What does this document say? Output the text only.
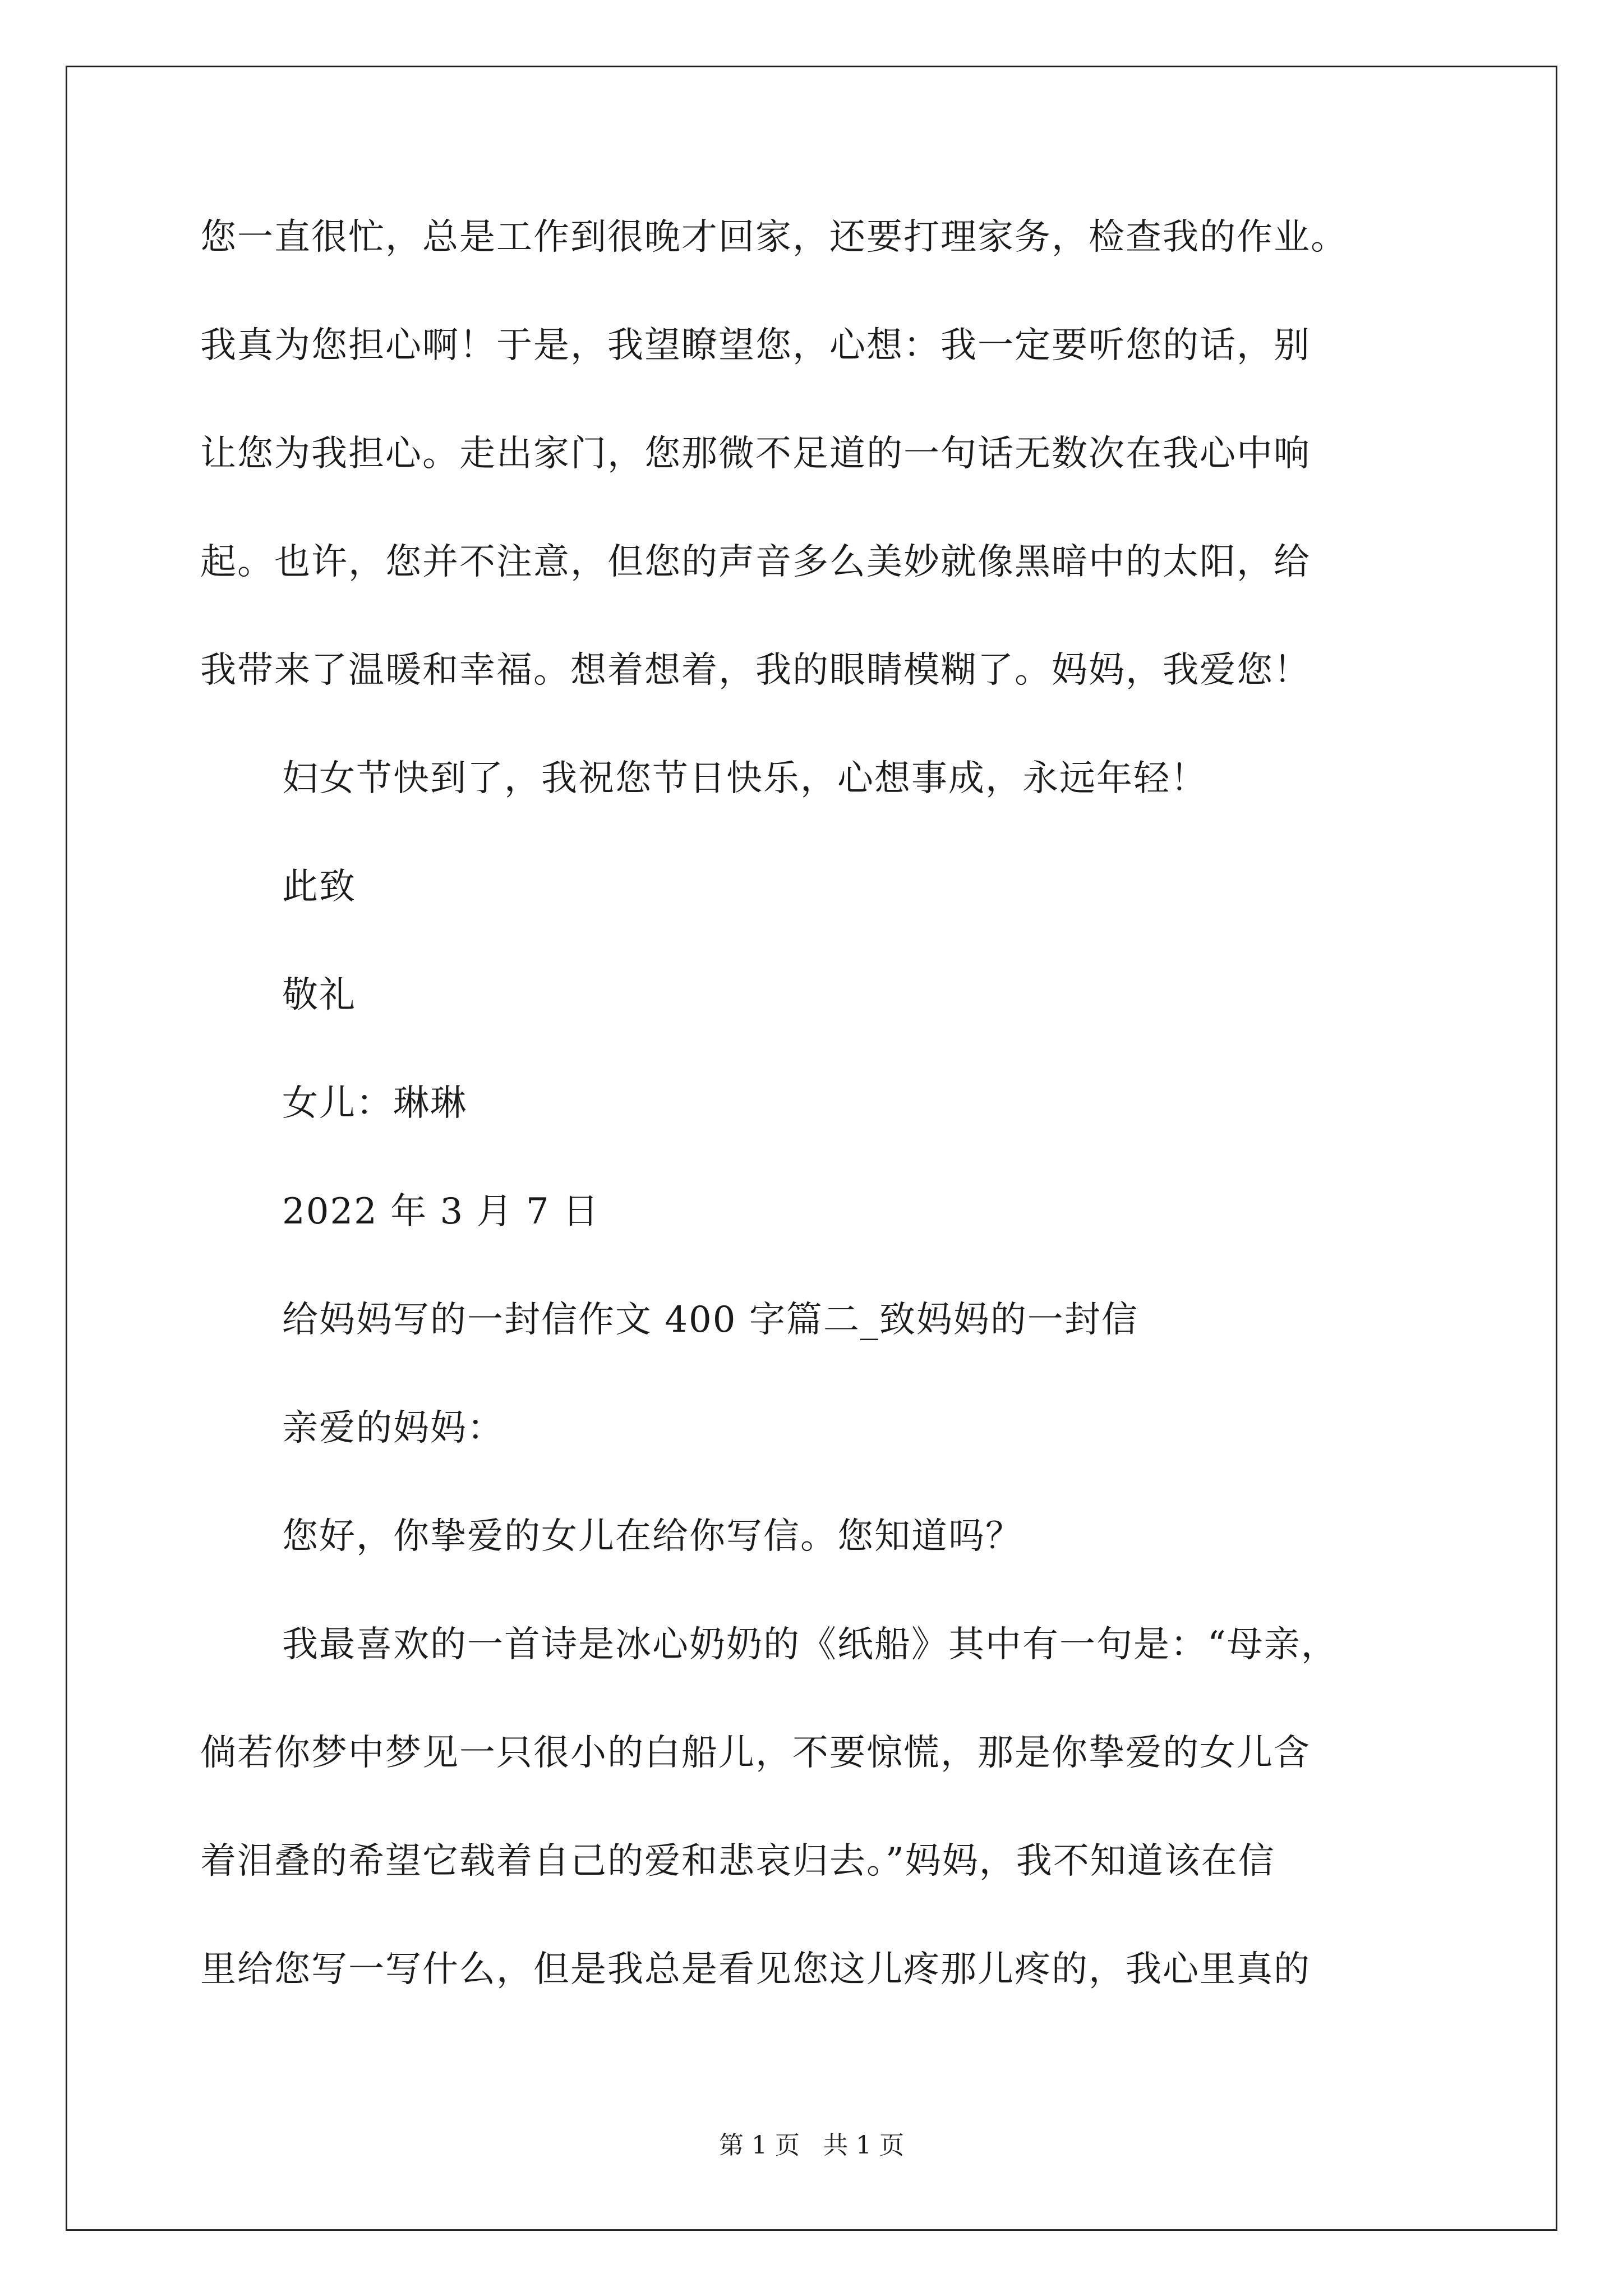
您一直很忙，总是工作到很晚才回家，还要打理家务，检查我的作业。
我真为您担心啊！于是，我望瞭望您，心想：我一定要听您的话，别
让您为我担心。走出家门，您那微不足道的一句话无数次在我心中响
起。也许，您并不注意，但您的声音多么美妙就像黑暗中的太阳，给
我带来了温暖和幸福。想着想着，我的眼睛模糊了。妈妈，我爱您！
妇女节快到了，我祝您节日快乐，心想事成，永远年轻！
此致
敬礼
女儿：琳琳
2022 年 3 月 7 日
给妈妈写的一封信作文 400 字篇二_致妈妈的一封信
亲爱的妈妈：
您好，你挚爱的女儿在给你写信。您知道吗？
我最喜欢的一首诗是冰心奶奶的《纸船》其中有一句是：“母亲，
倘若你梦中梦见一只很小的白船儿，不要惊慌，那是你挚爱的女儿含
着泪叠的希望它载着自己的爱和悲哀归去。”妈妈，我不知道该在信
里给您写一写什么，但是我总是看见您这儿疼那儿疼的，我心里真的
第 1 页 共 1 页
